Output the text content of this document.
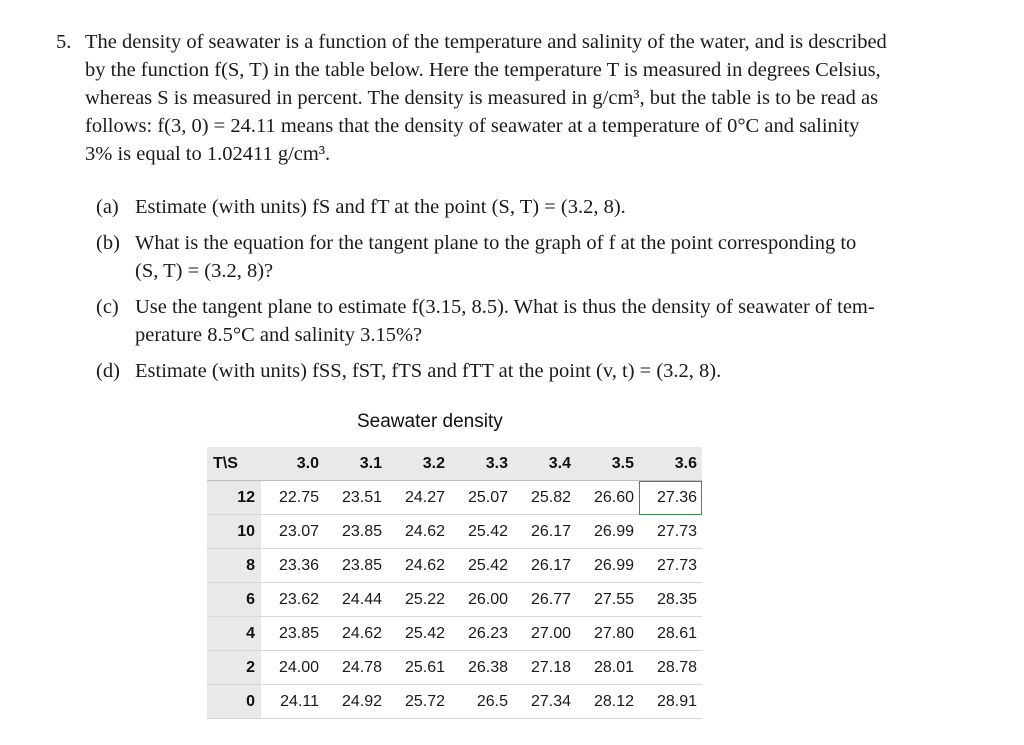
5. The density of seawater is a function of the temperature and salinity of the water, and is described
by the function f(S, T) in the table below. Here the temperature T is measured in degrees Celsius,
whereas S is measured in percent. The density is measured in g/cm³, but the table is to be read as
follows: f(3, 0) = 24.11 means that the density of seawater at a temperature of 0°C and salinity
3% is equal to 1.02411 g/cm³.
(a) Estimate (with units) fS and fT at the point (S, T) = (3.2, 8).
(b) What is the equation for the tangent plane to the graph of f at the point corresponding to
(S, T) = (3.2, 8)?
(c) Use the tangent plane to estimate f(3.15, 8.5). What is thus the density of seawater of tem-
perature 8.5°C and salinity 3.15%?
(d) Estimate (with units) fSS, fST, fTS and fTT at the point (v, t) = (3.2, 8).
Seawater density
T\S	3.0	3.1	3.2	3.3	3.4	3.5	3.6
12	22.75	23.51	24.27	25.07	25.82	26.60	27.36
10	23.07	23.85	24.62	25.42	26.17	26.99	27.73
8	23.36	23.85	24.62	25.42	26.17	26.99	27.73
6	23.62	24.44	25.22	26.00	26.77	27.55	28.35
4	23.85	24.62	25.42	26.23	27.00	27.80	28.61
2	24.00	24.78	25.61	26.38	27.18	28.01	28.78
0	24.11	24.92	25.72	26.5	27.34	28.12	28.91
